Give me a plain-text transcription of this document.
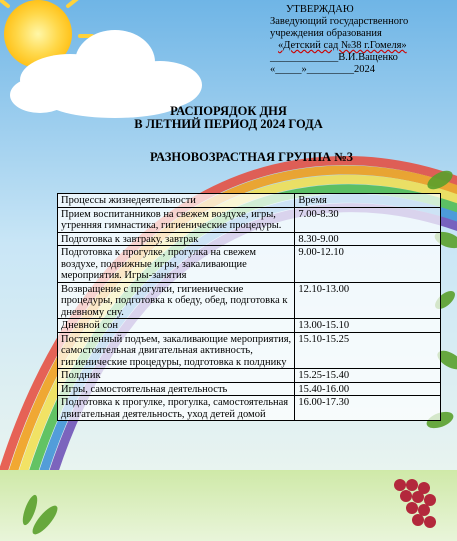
УТВЕРЖДАЮ
Заведующий государственного
учреждения образования
«Детский сад №38 г.Гомеля»
_____________В.И.Ващенко
«_____»_________2024
РАСПОРЯДОК ДНЯ
В ЛЕТНИЙ ПЕРИОД 2024 ГОДА
РАЗНОВОЗРАСТНАЯ ГРУППА №3
Процессы жизнедеятельности	Время
Прием воспитанников на свежем воздухе, игры, утренняя гимнастика, гигиенические процедуры.	7.00-8.30
Подготовка к завтраку, завтрак	8.30-9.00
Подготовка к прогулке, прогулка на свежем воздухе, подвижные игры, закаливающие мероприятия. Игры-занятия	9.00-12.10
Возвращение с прогулки, гигиенические процедуры, подготовка к обеду, обед, подготовка к дневному сну.	12.10-13.00
Дневной сон	13.00-15.10
Постепенный подъем, закаливающие мероприятия, самостоятельная двигательная активность, гигиенические процедуры, подготовка к полднику	15.10-15.25
Полдник	15.25-15.40
Игры, самостоятельная деятельность	15.40-16.00
Подготовка к прогулке, прогулка, самостоятельная двигательная деятельность, уход детей домой	16.00-17.30
